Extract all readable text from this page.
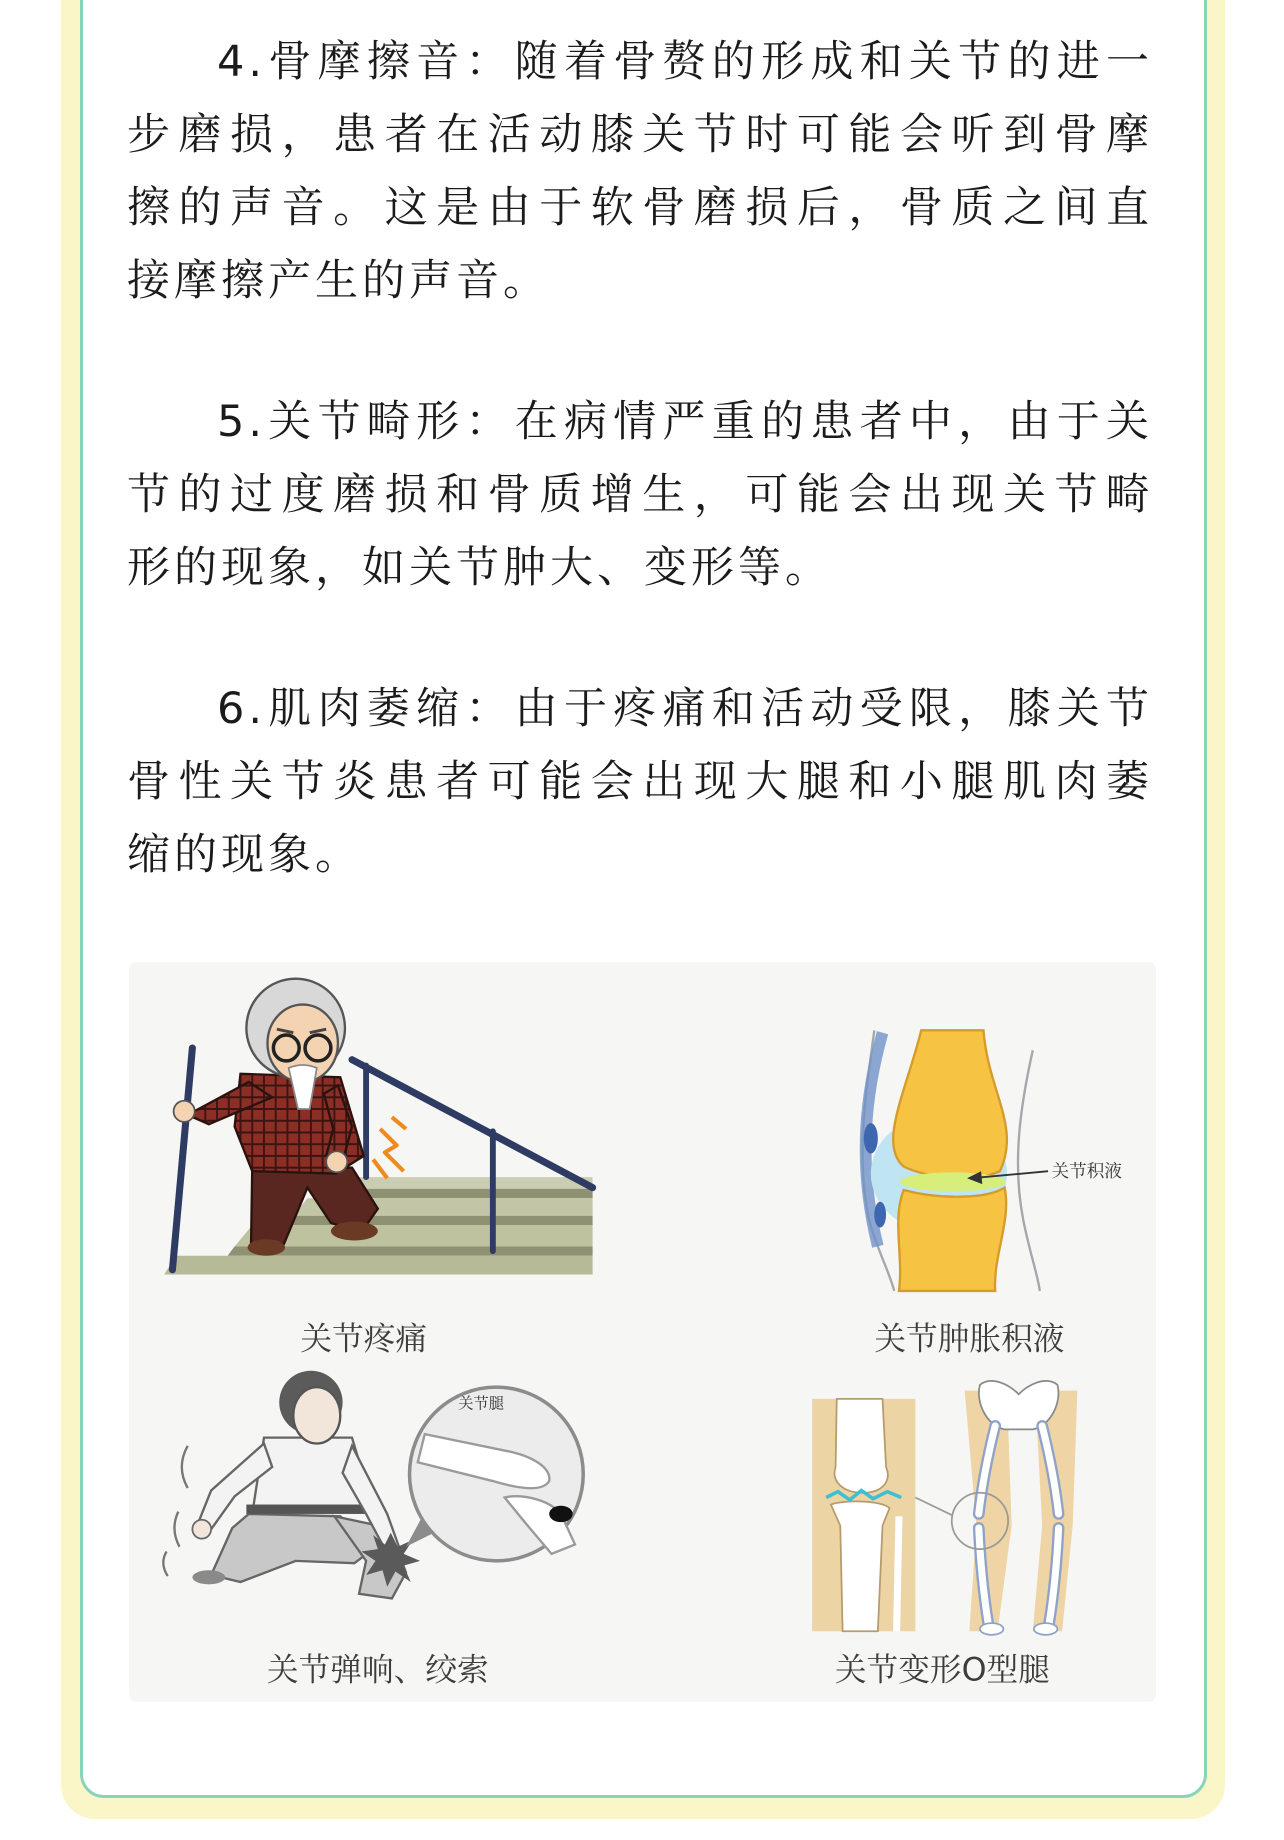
4.骨摩擦音：随着骨赘的形成和关节的进一
步磨损，患者在活动膝关节时可能会听到骨摩
擦的声音。这是由于软骨磨损后，骨质之间直
接摩擦产生的声音。

5.关节畸形：在病情严重的患者中，由于关
节的过度磨损和骨质增生，可能会出现关节畸
形的现象，如关节肿大、变形等。

6.肌肉萎缩：由于疼痛和活动受限，膝关节
骨性关节炎患者可能会出现大腿和小腿肌肉萎
缩的现象。

关节疼痛
关节积液
关节肿胀积液
关节腿
关节弹响、绞索	关节变形O型腿
